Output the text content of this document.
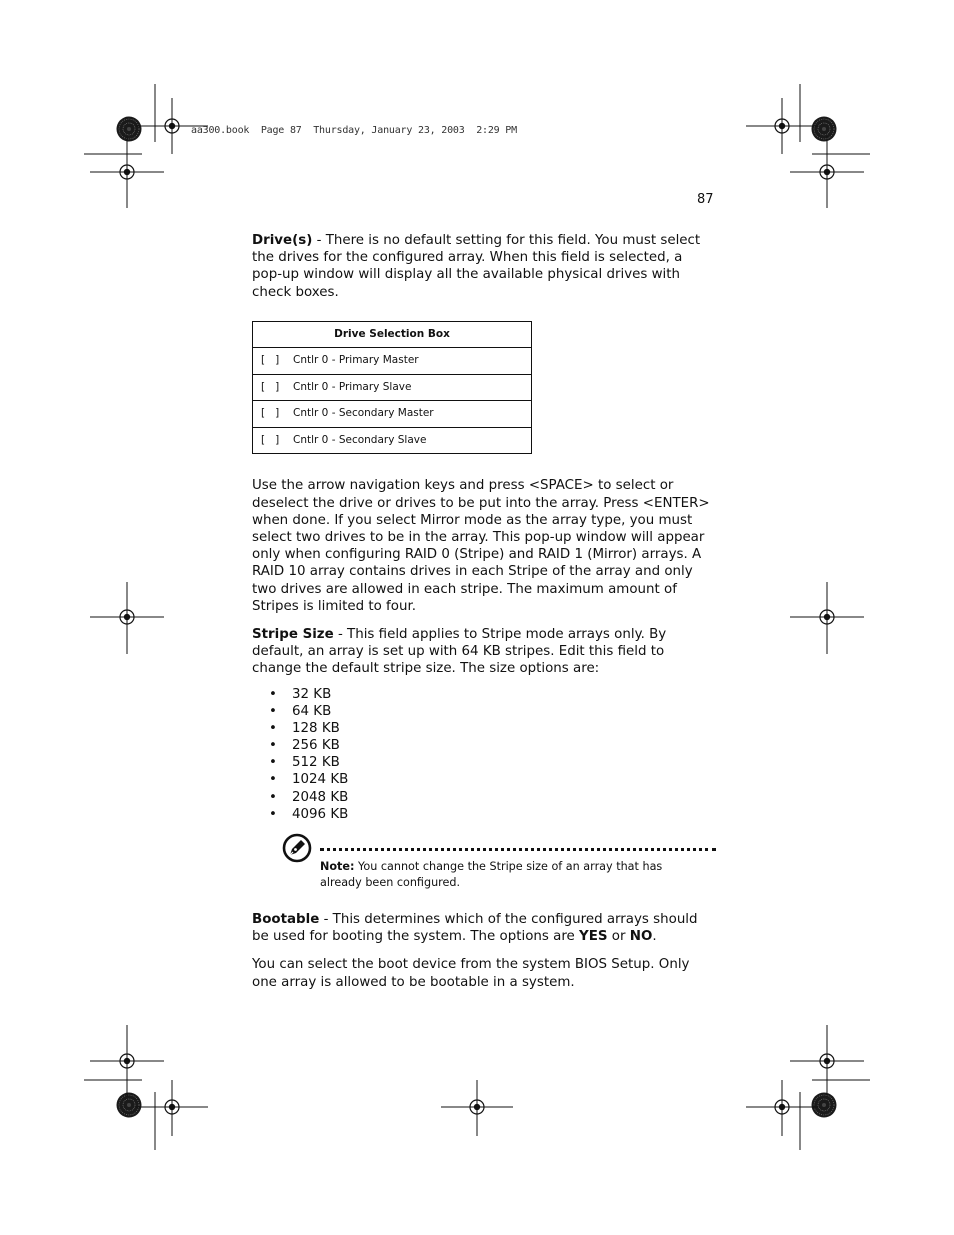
aa300.book  Page 87  Thursday, January 23, 2003  2:29 PM
87

Drive(s) - There is no default setting for this field. You must select the drives for the configured array. When this field is selected, a pop-up window will display all the available physical drives with check boxes.

Drive Selection Box
[   ] Cntlr 0 - Primary Master
[   ] Cntlr 0 - Primary Slave
[   ] Cntlr 0 - Secondary Master
[   ] Cntlr 0 - Secondary Slave

Use the arrow navigation keys and press <SPACE> to select or deselect the drive or drives to be put into the array. Press <ENTER> when done. If you select Mirror mode as the array type, you must select two drives to be in the array. This pop-up window will appear only when configuring RAID 0 (Stripe) and RAID 1 (Mirror) arrays. A RAID 10 array contains drives in each Stripe of the array and only two drives are allowed in each stripe. The maximum amount of Stripes is limited to four.

Stripe Size - This field applies to Stripe mode arrays only. By default, an array is set up with 64 KB stripes. Edit this field to change the default stripe size. The size options are:

• 32 KB
• 64 KB
• 128 KB
• 256 KB
• 512 KB
• 1024 KB
• 2048 KB
• 4096 KB
Note: You cannot change the Stripe size of an array that has already been configured.

Bootable - This determines which of the configured arrays should be used for booting the system. The options are YES or NO.

You can select the boot device from the system BIOS Setup. Only one array is allowed to be bootable in a system.
